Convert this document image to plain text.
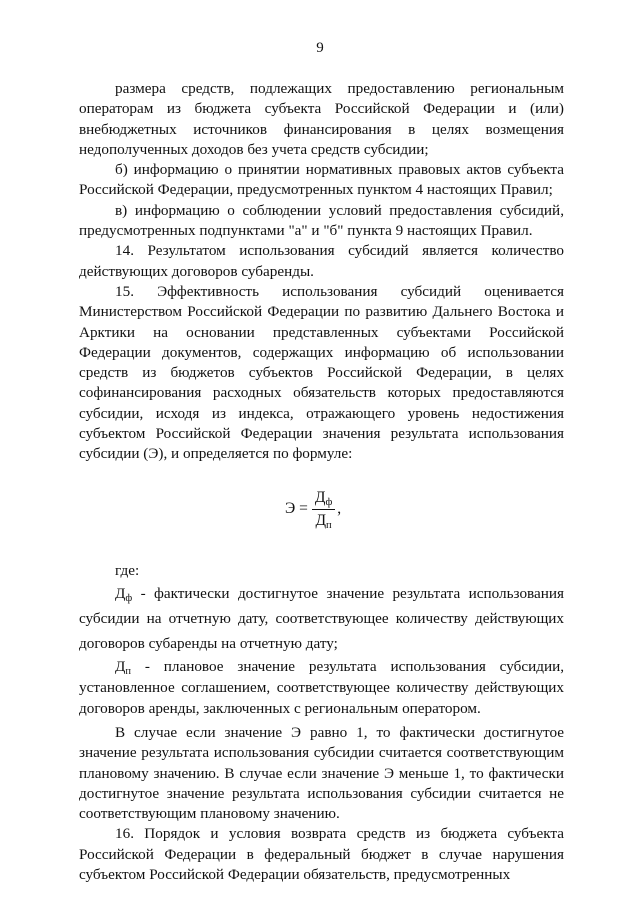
9

размера средств, подлежащих предоставлению региональным операторам из бюджета субъекта Российской Федерации и (или) внебюджетных источников финансирования в целях возмещения недополученных доходов без учета средств субсидии;

б) информацию о принятии нормативных правовых актов субъекта Российской Федерации, предусмотренных пунктом 4 настоящих Правил;

в) информацию о соблюдении условий предоставления субсидий, предусмотренных подпунктами "а" и "б" пункта 9 настоящих Правил.

14. Результатом использования субсидий является количество действующих договоров субаренды.

15. Эффективность использования субсидий оценивается Министерством Российской Федерации по развитию Дальнего Востока и Арктики на основании представленных субъектами Российской Федерации документов, содержащих информацию об использовании средств из бюджетов субъектов Российской Федерации, в целях софинансирования расходных обязательств которых предоставляются субсидии, исходя из индекса, отражающего уровень недостижения субъектом Российской Федерации значения результата использования субсидии (Э), и определяется по формуле:

$Э = \frac{Д_ф}{Д_п}$ ,

где:

$Д_ф$ - фактически достигнутое значение результата использования субсидии на отчетную дату, соответствующее количеству действующих договоров субаренды на отчетную дату;

$Д_п$ - плановое значение результата использования субсидии, установленное соглашением, соответствующее количеству действующих договоров аренды, заключенных с региональным оператором.

В случае если значение Э равно 1, то фактически достигнутое значение результата использования субсидии считается соответствующим плановому значению. В случае если значение Э меньше 1, то фактически достигнутое значение результата использования субсидии считается не соответствующим плановому значению.

16. Порядок и условия возврата средств из бюджета субъекта Российской Федерации в федеральный бюджет в случае нарушения субъектом Российской Федерации обязательств, предусмотренных
